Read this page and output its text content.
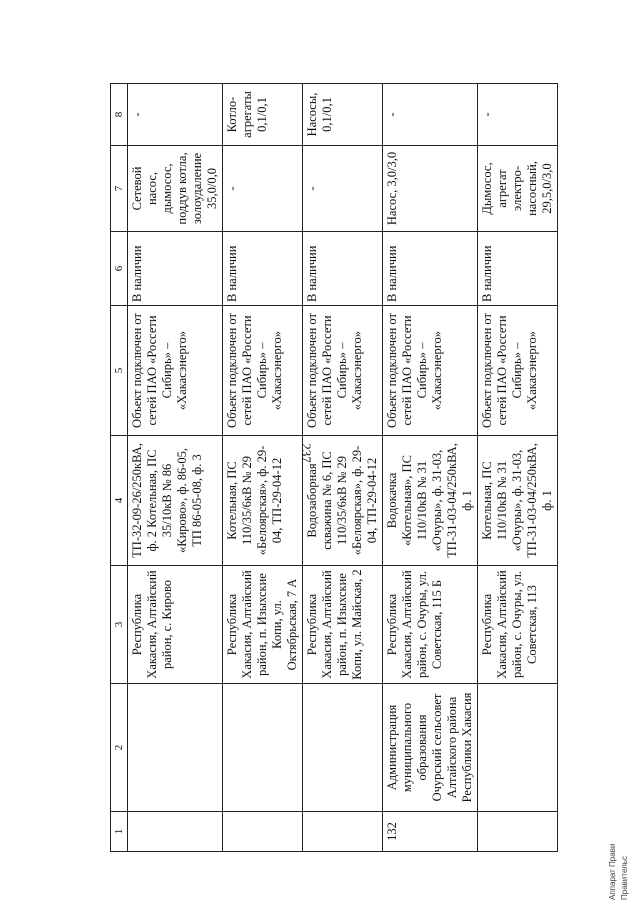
237
1	2	3	4	5	6	7	8
		Республика Хакасия, Алтайский район, с. Кирово	ТП-32-09-26/250кВА, ф. 2 Котельная, ПС 35/10кВ № 86 «Кирово», ф. 86-05, ТП 86-05-08, ф. 3	Объект подключен от сетей ПАО «Россети Сибирь» – «Хакасэнерго»	В наличии	Сетевой насос, дымосос, поддув котла, золоудаление 35,0/0,0	-
		Республика Хакасия, Алтайский район, п. Изыхские Копи, ул. Октябрьская, 7 А	Котельная, ПС 110/35/6кВ № 29 «Белоярская», ф. 29-04, ТП-29-04-12	Объект подключен от сетей ПАО «Россети Сибирь» – «Хакасэнерго»	В наличии	-	Котло-агрегаты 0,1/0,1
		Республика Хакасия, Алтайский район, п. Изыхские Копи, ул. Майская, 2	Водозаборная скважина № 6, ПС 110/35/6кВ № 29 «Белоярская», ф. 29-04, ТП-29-04-12	Объект подключен от сетей ПАО «Россети Сибирь» – «Хакасэнерго»	В наличии	-	Насосы, 0,1/0,1
132	Администрация муниципального образования Очурский сельсовет Алтайского района Республики Хакасия	Республика Хакасия, Алтайский район, с. Очуры, ул. Советская, 115 Б	Водокачка «Котельная», ПС 110/10кВ № 31 «Очуры», ф. 31-03, ТП-31-03-04/250кВА, ф. 1	Объект подключен от сетей ПАО «Россети Сибирь» – «Хакасэнерго»	В наличии	Насос, 3,0/3,0	-
		Республика Хакасия, Алтайский район, с. Очуры, ул. Советская, 113	Котельная, ПС 110/10кВ № 31 «Очуры», ф. 31-03, ТП-31-03-04/250кВА, ф. 1	Объект подключен от сетей ПАО «Россети Сибирь» – «Хакасэнерго»	В наличии	Дымосос, агрегат электро-насосный, 29,5,0/3,0	-
Аппарат Прави Правительс
